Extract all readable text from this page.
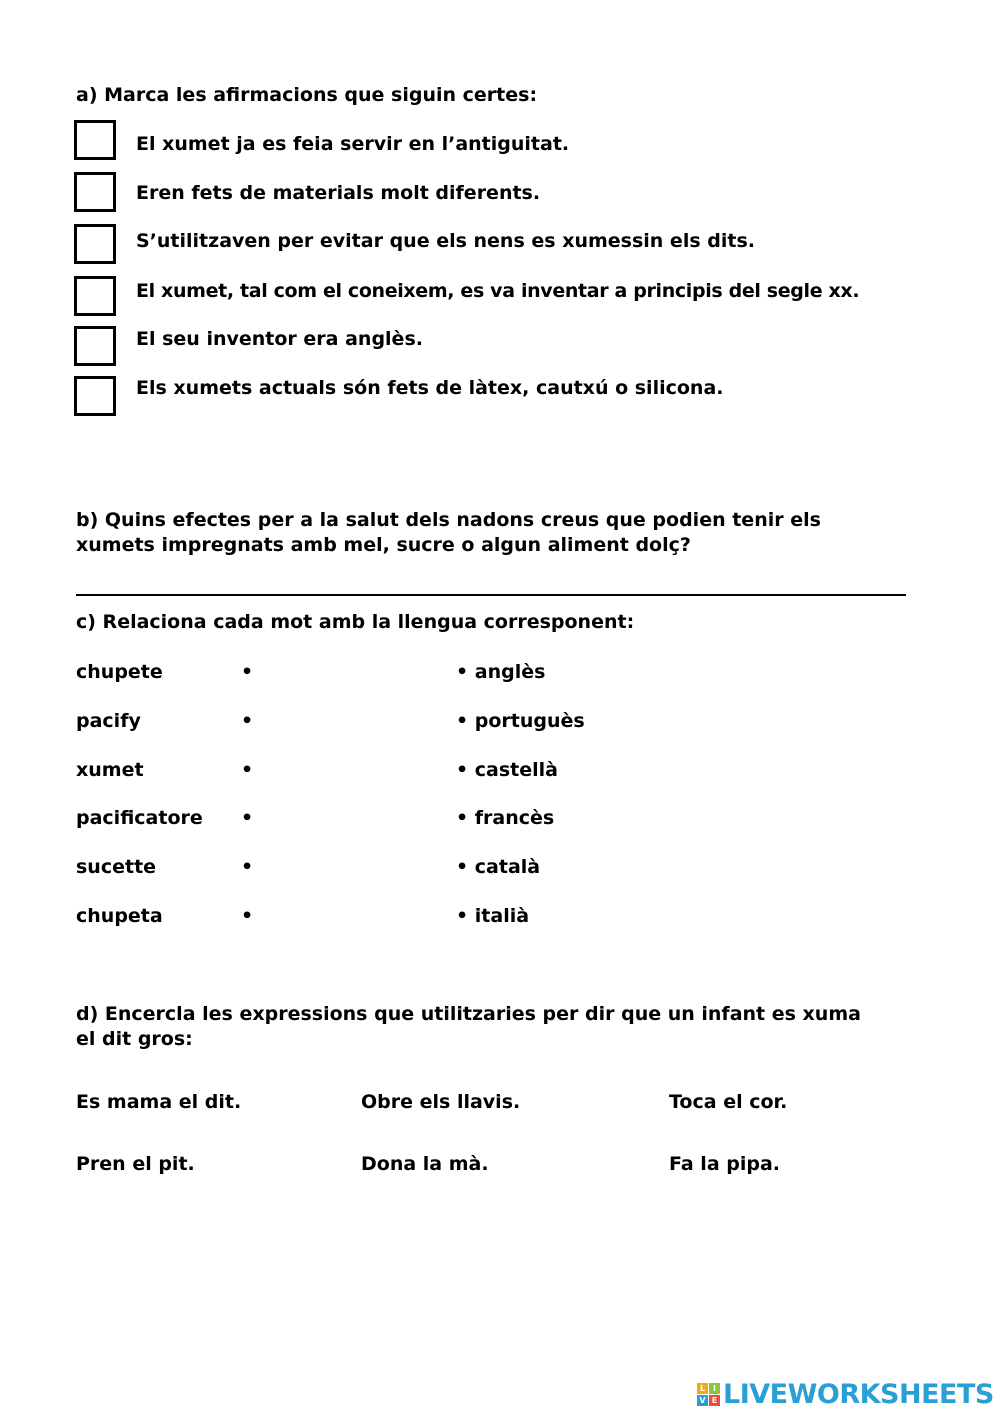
a) Marca les afirmacions que siguin certes:
El xumet ja es feia servir en l’antiguitat.
Eren fets de materials molt diferents.
S’utilitzaven per evitar que els nens es xumessin els dits.
El xumet, tal com el coneixem, es va inventar a principis del segle xx.
El seu inventor era anglès.
Els xumets actuals són fets de làtex, cautxú o silicona.
b) Quins efectes per a la salut dels nadons creus que podien tenir els
xumets impregnats amb mel, sucre o algun aliment dolç?
c) Relaciona cada mot amb la llengua corresponent:
chupete	•	• anglès
pacify	•	• portuguès
xumet	•	• castellà
pacificatore •	• francès
sucette	•	• català
chupeta	•	• italià
d) Encercla les expressions que utilitzaries per dir que un infant es xuma
el dit gros:
Es mama el dit.	Obre els llavis.	Toca el cor.
Pren el pit.	Dona la mà.	Fa la pipa.
L I
V E LIVEWORKSHEETS
